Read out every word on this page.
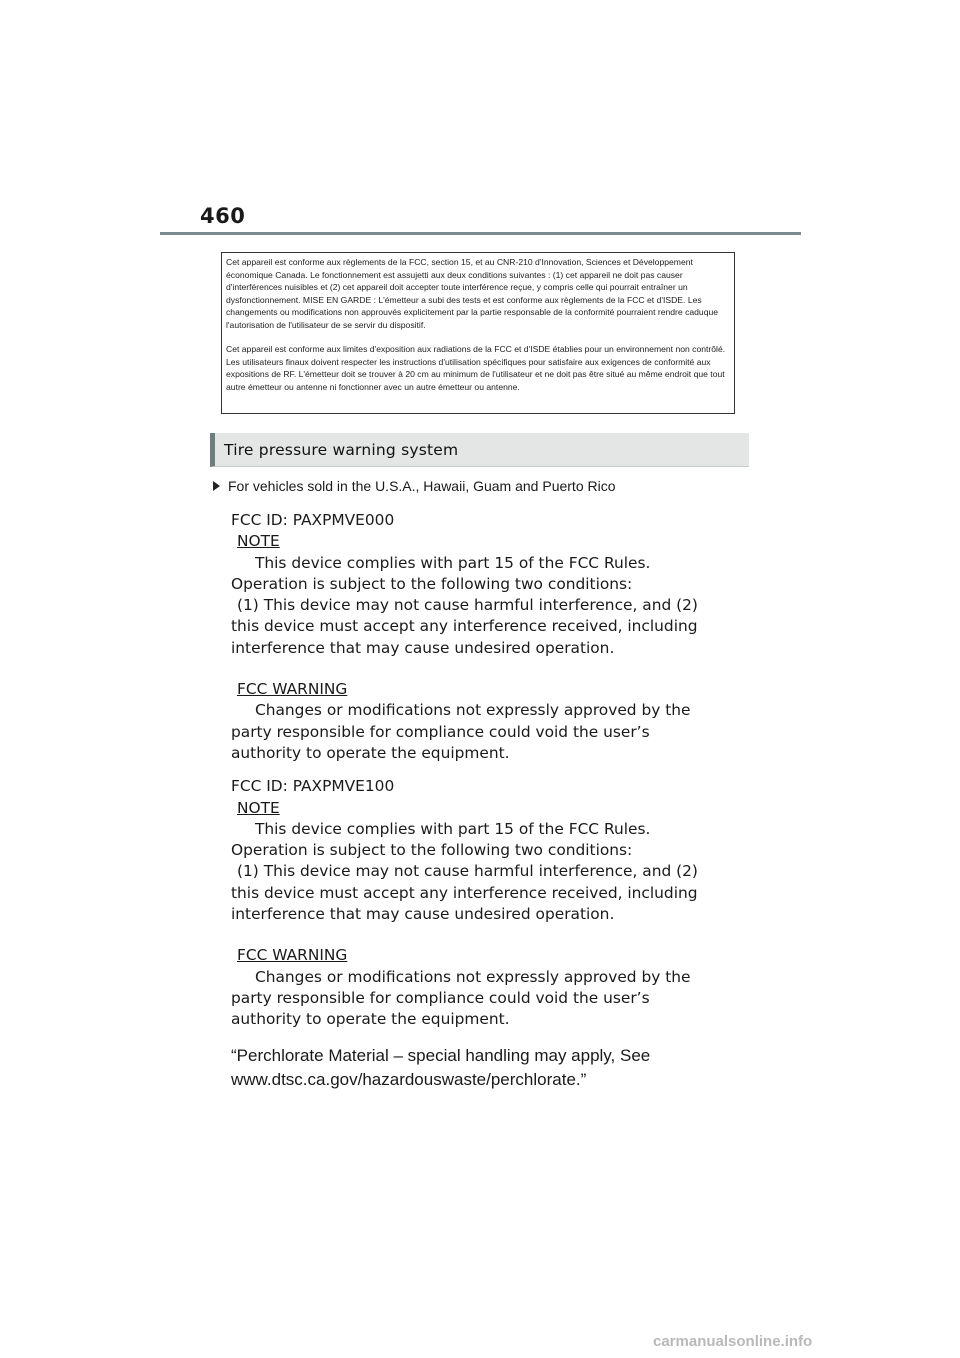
460

Cet appareil est conforme aux règlements de la FCC, section 15, et au CNR-210 d'Innovation, Sciences et Développement économique Canada. Le fonctionnement est assujetti aux deux conditions suivantes : (1) cet appareil ne doit pas causer d'interférences nuisibles et (2) cet appareil doit accepter toute interférence reçue, y compris celle qui pourrait entraîner un dysfonctionnement. MISE EN GARDE : L'émetteur a subi des tests et est conforme aux règlements de la FCC et d'ISDE. Les changements ou modifications non approuvés explicitement par la partie responsable de la conformité pourraient rendre caduque l'autorisation de l'utilisateur de se servir du dispositif.

Cet appareil est conforme aux limites d'exposition aux radiations de la FCC et d'ISDE établies pour un environnement non contrôlé. Les utilisateurs finaux doivent respecter les instructions d'utilisation spécifiques pour satisfaire aux exigences de conformité aux expositions de RF. L'émetteur doit se trouver à 20 cm au minimum de l'utilisateur et ne doit pas être situé au même endroit que tout autre émetteur ou antenne ni fonctionner avec un autre émetteur ou antenne.

Tire pressure warning system
For vehicles sold in the U.S.A., Hawaii, Guam and Puerto Rico
FCC ID: PAXPMVE000
NOTE
This device complies with part 15 of the FCC Rules.
Operation is subject to the following two conditions:
(1) This device may not cause harmful interference, and (2)
this device must accept any interference received, including
interference that may cause undesired operation.
FCC WARNING
Changes or modifications not expressly approved by the
party responsible for compliance could void the user’s
authority to operate the equipment.
FCC ID: PAXPMVE100
NOTE
This device complies with part 15 of the FCC Rules.
Operation is subject to the following two conditions:
(1) This device may not cause harmful interference, and (2)
this device must accept any interference received, including
interference that may cause undesired operation.
FCC WARNING
Changes or modifications not expressly approved by the
party responsible for compliance could void the user’s
authority to operate the equipment.
“Perchlorate Material – special handling may apply, See
www.dtsc.ca.gov/hazardouswaste/perchlorate.”
carmanualsonline.info
